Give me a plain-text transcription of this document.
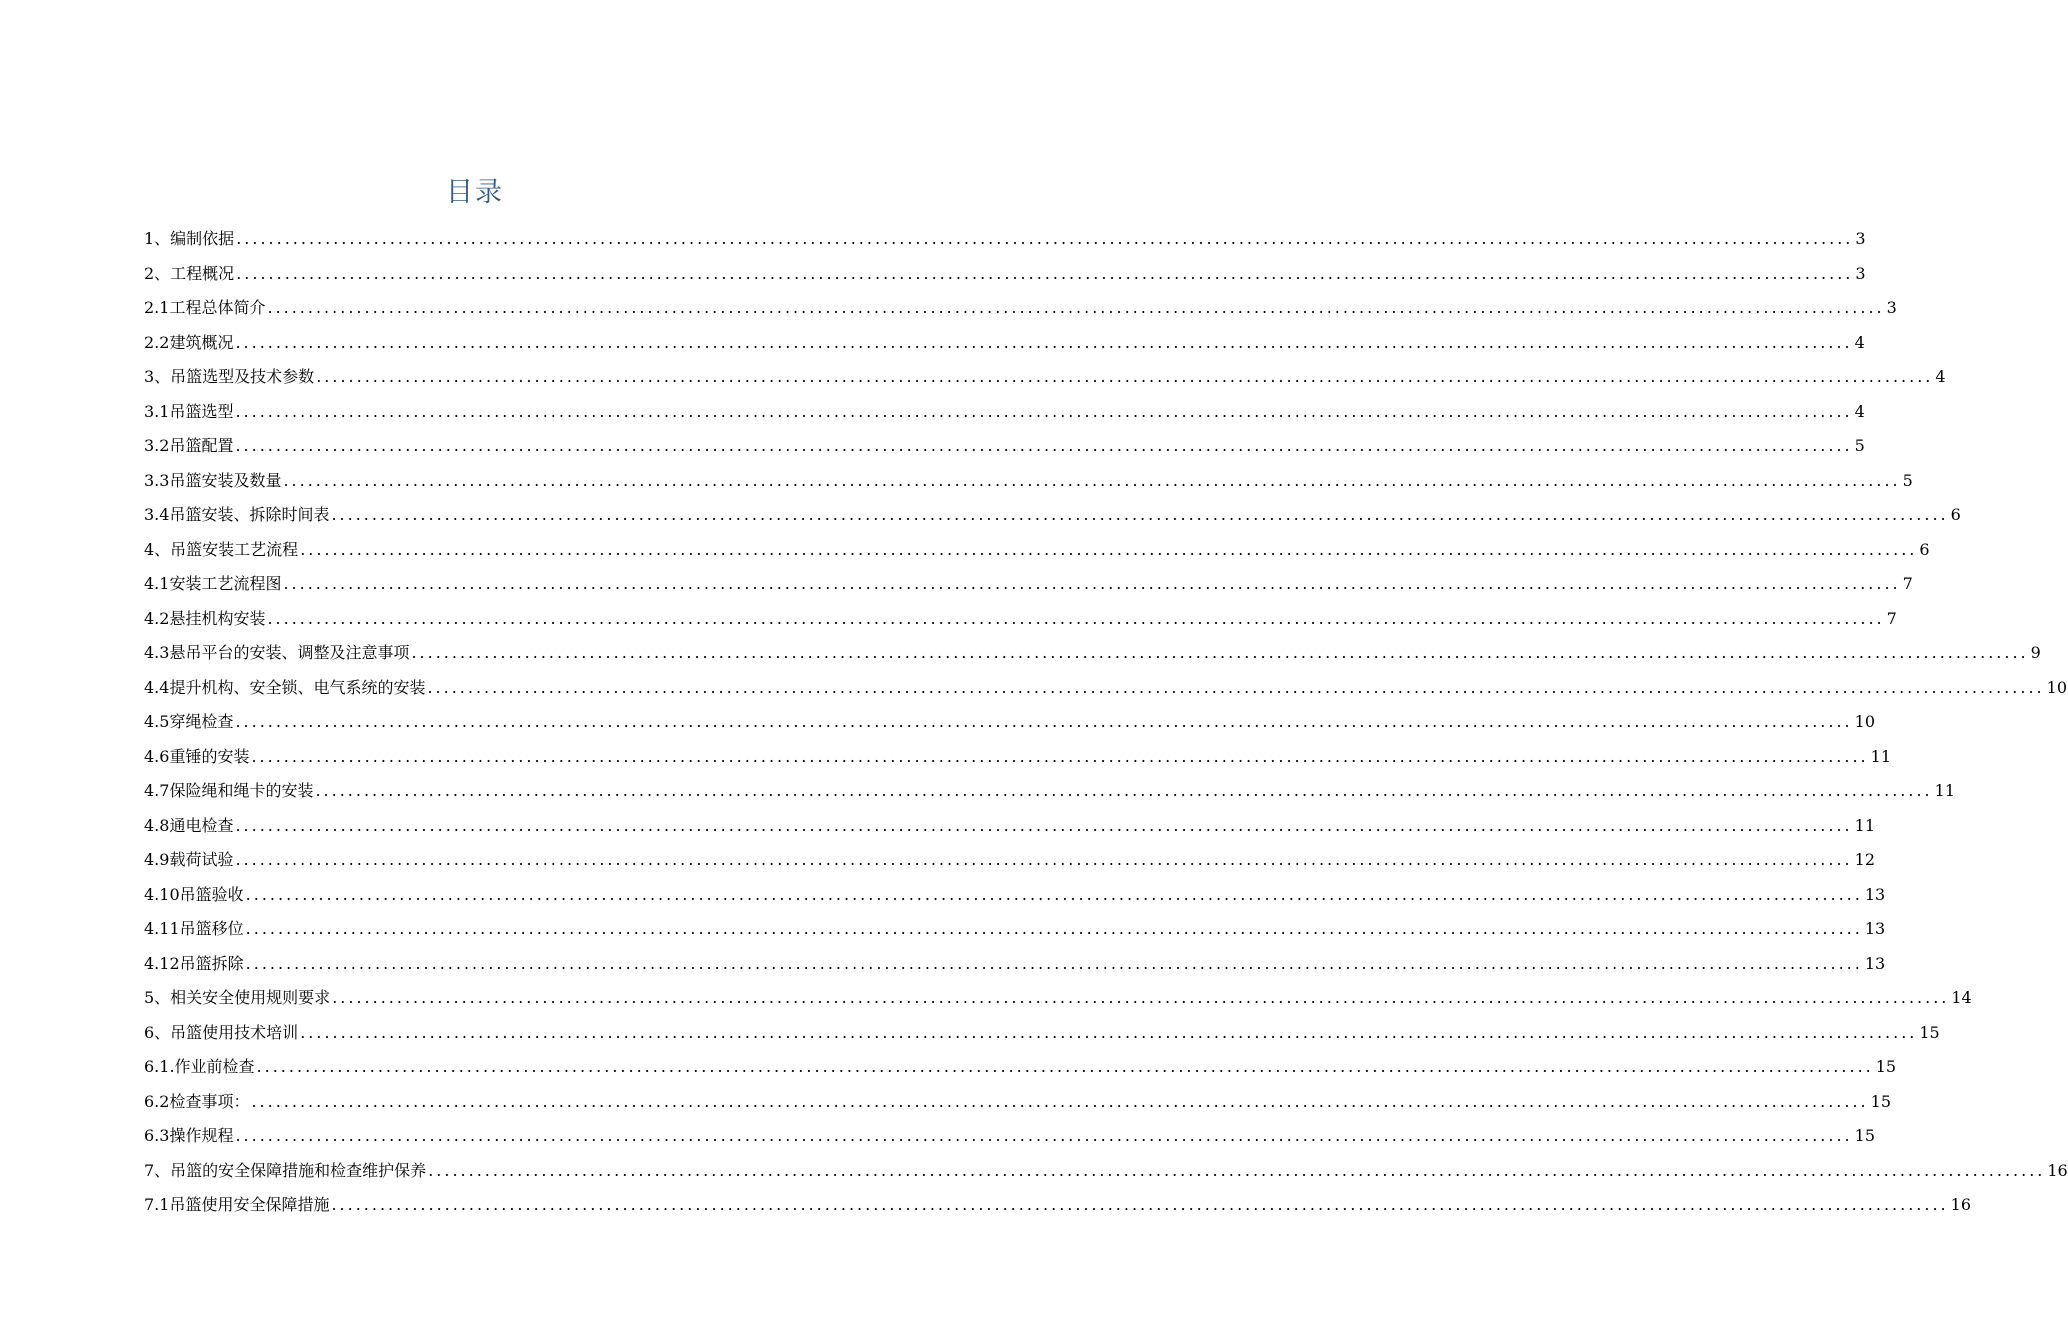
目录
1、编制依据 ........................................................................................................................................................................................................ 3
2、工程概况 ........................................................................................................................................................................................................ 3
2.1工程总体简介 ........................................................................................................................................................................................................ 3
2.2建筑概况 ........................................................................................................................................................................................................ 4
3、吊篮选型及技术参数 ........................................................................................................................................................................................................ 4
3.1吊篮选型 ........................................................................................................................................................................................................ 4
3.2吊篮配置 ........................................................................................................................................................................................................ 5
3.3吊篮安装及数量 ........................................................................................................................................................................................................ 5
3.4吊篮安装、拆除时间表 ........................................................................................................................................................................................................ 6
4、吊篮安装工艺流程 ........................................................................................................................................................................................................ 6
4.1安装工艺流程图 ........................................................................................................................................................................................................ 7
4.2悬挂机构安装 ........................................................................................................................................................................................................ 7
4.3悬吊平台的安装、调整及注意事项 ........................................................................................................................................................................................................ 9
4.4提升机构、安全锁、电气系统的安装 ........................................................................................................................................................................................................ 10
4.5穿绳检查 ........................................................................................................................................................................................................ 10
4.6重锤的安装 ........................................................................................................................................................................................................ 11
4.7保险绳和绳卡的安装 ........................................................................................................................................................................................................ 11
4.8通电检查 ........................................................................................................................................................................................................ 11
4.9载荷试验 ........................................................................................................................................................................................................ 12
4.10吊篮验收 ........................................................................................................................................................................................................ 13
4.11吊篮移位 ........................................................................................................................................................................................................ 13
4.12吊篮拆除 ........................................................................................................................................................................................................ 13
5、相关安全使用规则要求 ........................................................................................................................................................................................................ 14
6、吊篮使用技术培训 ........................................................................................................................................................................................................ 15
6.1.作业前检查 ........................................................................................................................................................................................................ 15
6.2检查事项： ........................................................................................................................................................................................................ 15
6.3操作规程 ........................................................................................................................................................................................................ 15
7、吊篮的安全保障措施和检查维护保养 ........................................................................................................................................................................................................ 16
7.1吊篮使用安全保障措施 ........................................................................................................................................................................................................ 16
